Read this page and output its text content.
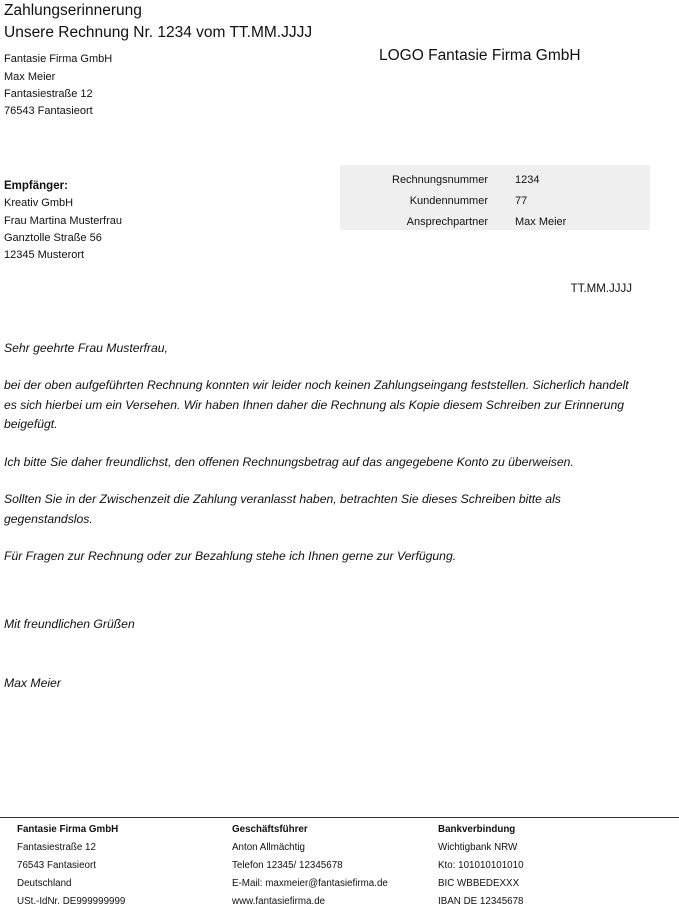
Zahlungserinnerung
Unsere Rechnung Nr. 1234 vom TT.MM.JJJJ
LOGO Fantasie Firma GmbH
Fantasie Firma GmbH
Max Meier
Fantasiestraße 12
76543 Fantasieort
Empfänger:
Kreativ GmbH
Frau Martina Musterfrau
Ganztolle Straße 56
12345 Musterort
Rechnungsnummer 1234
Kundennummer 77
Ansprechpartner Max Meier
TT.MM.JJJJ
Sehr geehrte Frau Musterfrau,
bei der oben aufgeführten Rechnung konnten wir leider noch keinen Zahlungseingang feststellen. Sicherlich handelt es sich hierbei um ein Versehen. Wir haben Ihnen daher die Rechnung als Kopie diesem Schreiben zur Erinnerung beigefügt.
Ich bitte Sie daher freundlichst, den offenen Rechnungsbetrag auf das angegebene Konto zu überweisen.
Sollten Sie in der Zwischenzeit die Zahlung veranlasst haben, betrachten Sie dieses Schreiben bitte als gegenstandslos.
Für Fragen zur Rechnung oder zur Bezahlung stehe ich Ihnen gerne zur Verfügung.
Mit freundlichen Grüßen
Max Meier
Fantasie Firma GmbH
Fantasiestraße 12
76543 Fantasieort
Deutschland
USt.-IdNr. DE999999999
Geschäftsführer
Anton Allmächtig
Telefon 12345/ 12345678
E-Mail: maxmeier@fantasiefirma.de
www.fantasiefirma.de
Bankverbindung
Wichtigbank NRW
Kto: 101010101010
BIC WBBEDEXXX
IBAN DE 12345678
